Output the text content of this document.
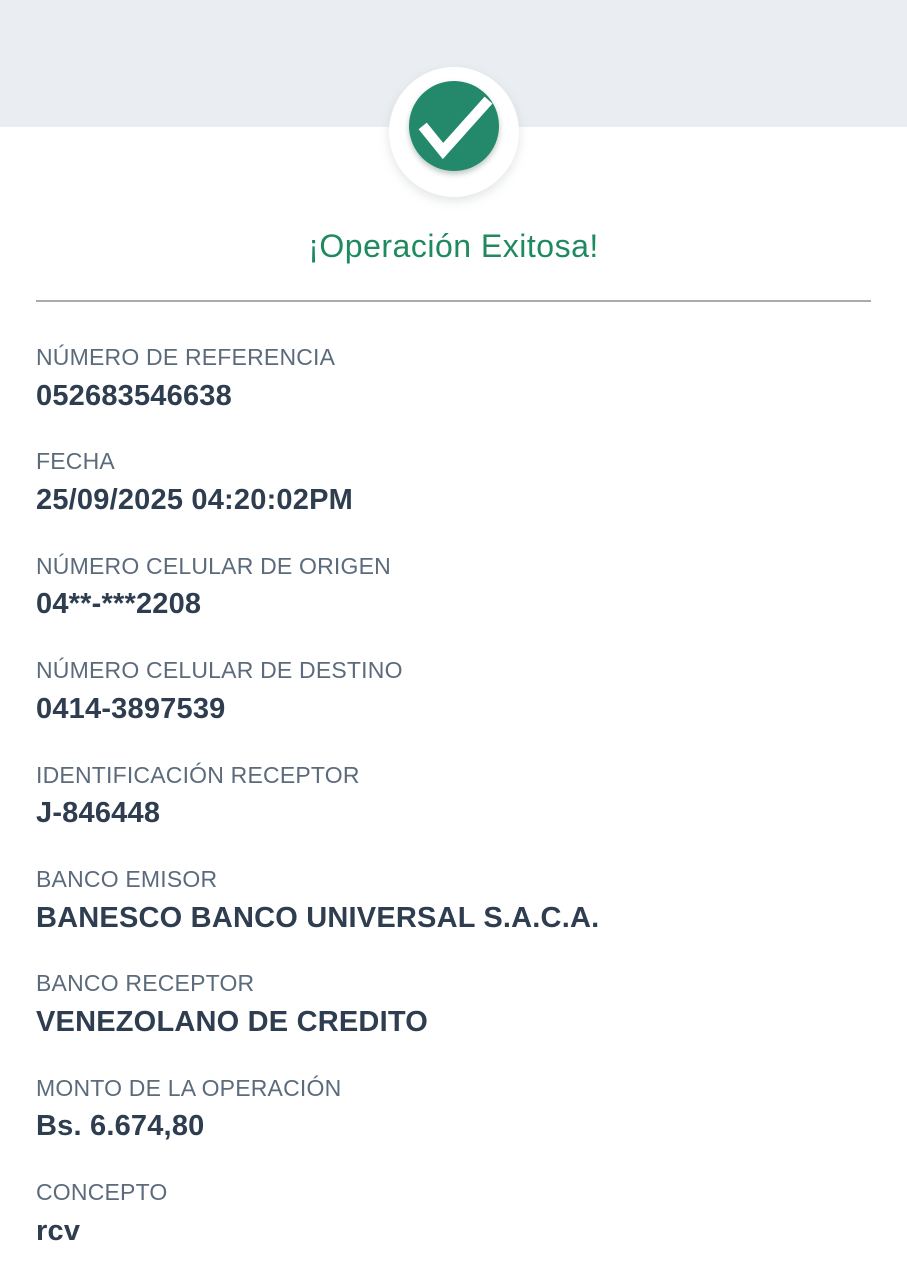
¡Operación Exitosa!
NÚMERO DE REFERENCIA
052683546638
FECHA
25/09/2025 04:20:02PM
NÚMERO CELULAR DE ORIGEN
04**-***2208
NÚMERO CELULAR DE DESTINO
0414-3897539
IDENTIFICACIÓN RECEPTOR
J-846448
BANCO EMISOR
BANESCO BANCO UNIVERSAL S.A.C.A.
BANCO RECEPTOR
VENEZOLANO DE CREDITO
MONTO DE LA OPERACIÓN
Bs. 6.674,80
CONCEPTO
rcv
